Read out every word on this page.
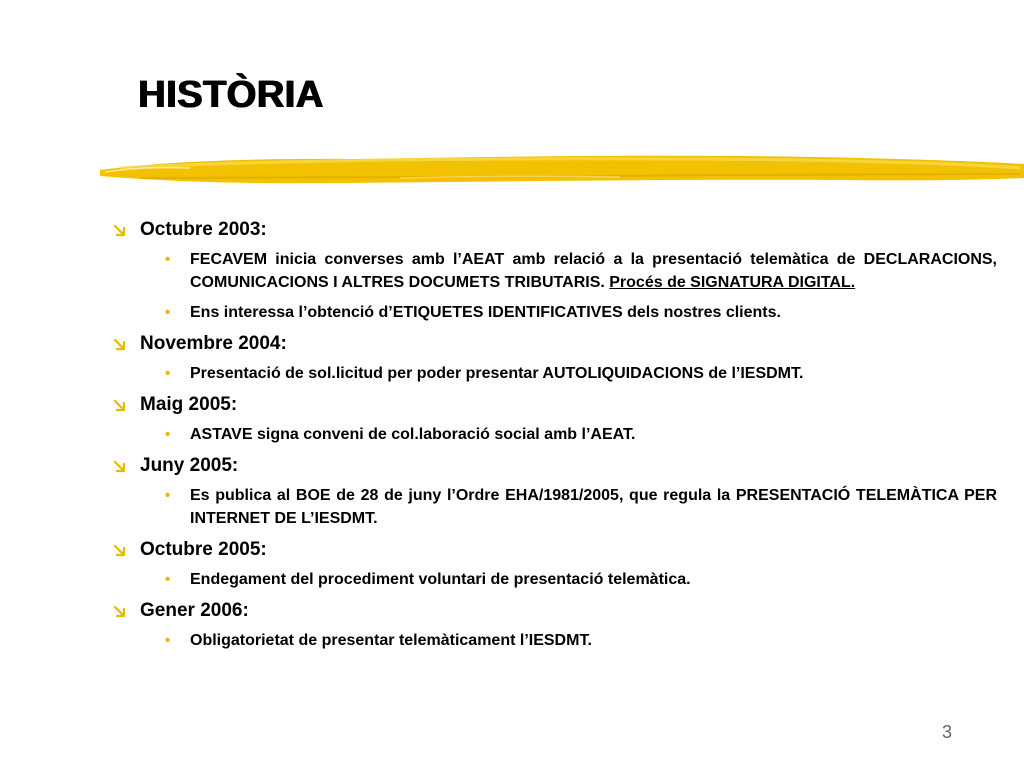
HISTÒRIA
Octubre 2003:
• FECAVEM inicia converses amb l’AEAT amb relació a la presentació telemàtica de DECLARACIONS, COMUNICACIONS I ALTRES DOCUMETS TRIBUTARIS. Procés de SIGNATURA DIGITAL.
• Ens interessa l’obtenció d’ETIQUETES IDENTIFICATIVES dels nostres clients.
Novembre 2004:
• Presentació de sol.licitud per poder presentar AUTOLIQUIDACIONS de l’IESDMT.
Maig 2005:
• ASTAVE signa conveni de col.laboració social amb l’AEAT.
Juny 2005:
• Es publica al BOE de 28 de juny l’Ordre EHA/1981/2005, que regula la PRESENTACIÓ TELEMÀTICA PER INTERNET DE L’IESDMT.
Octubre 2005:
• Endegament del procediment voluntari de presentació telemàtica.
Gener 2006:
• Obligatorietat de presentar telemàticament l’IESDMT.
3
